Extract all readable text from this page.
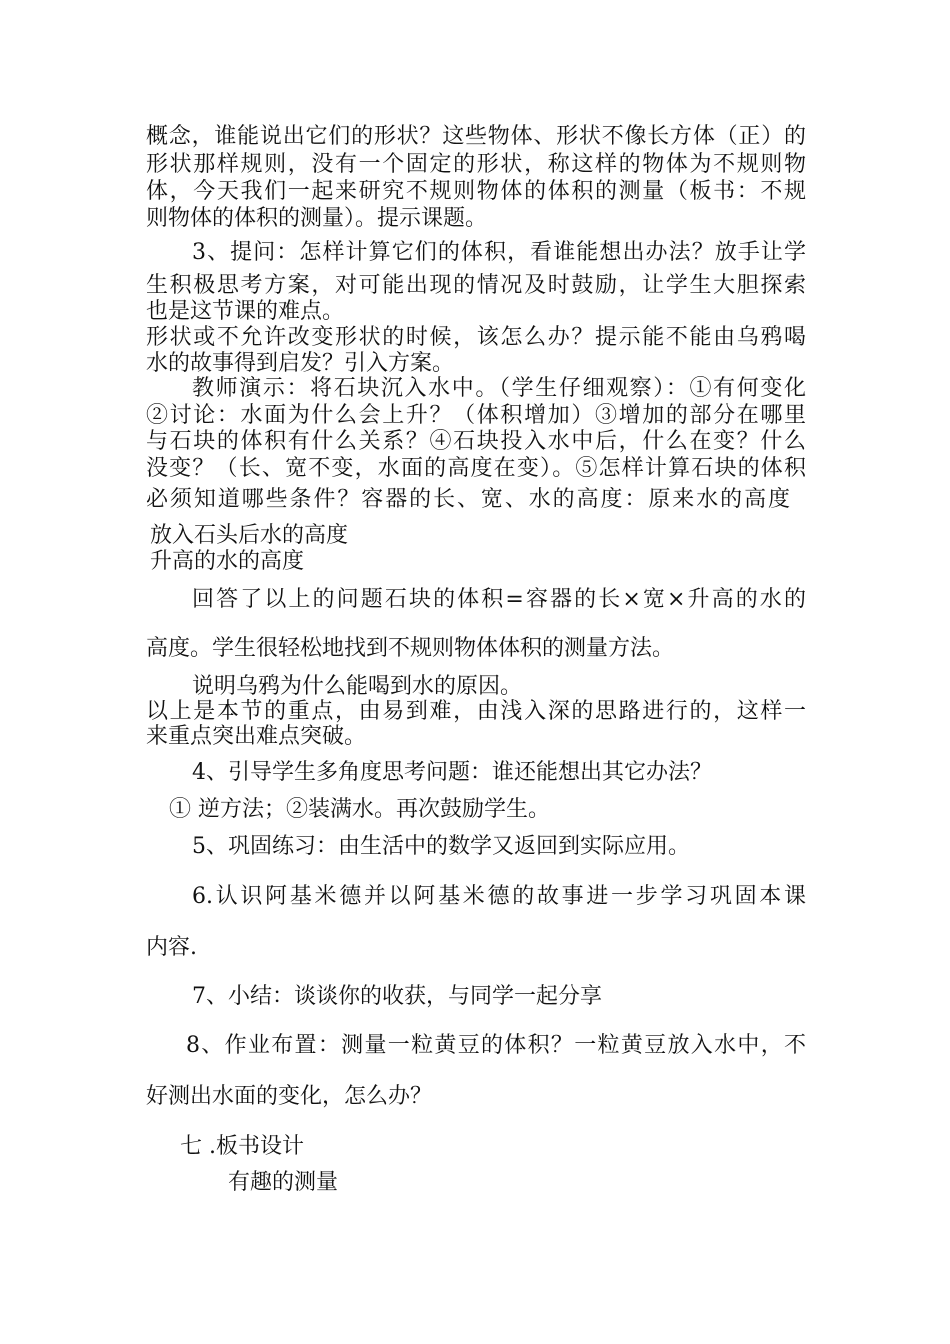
概念，谁能说出它们的形状？这些物体、形状不像长方体（正）的
形状那样规则，没有一个固定的形状，称这样的物体为不规则物
体，今天我们一起来研究不规则物体的体积的测量（板书：不规
则物体的体积的测量）。提示课题。
3、提问：怎样计算它们的体积，看谁能想出办法？放手让学
生积极思考方案，对可能出现的情况及时鼓励，让学生大胆探索
也是这节课的难点。
形状或不允许改变形状的时候，该怎么办？提示能不能由乌鸦喝
水的故事得到启发？引入方案。
教师演示：将石块沉入水中。（学生仔细观察）：①有何变化
②讨论：水面为什么会上升？（体积增加）③增加的部分在哪里
与石块的体积有什么关系？④石块投入水中后，什么在变？什么
没变？（长、宽不变，水面的高度在变）。⑤怎样计算石块的体积
必须知道哪些条件？容器的长、宽、水的高度：原来水的高度
放入石头后水的高度
升高的水的高度
回答了以上的问题石块的体积=容器的长×宽×升高的水的
高度。学生很轻松地找到不规则物体体积的测量方法。
说明乌鸦为什么能喝到水的原因。
以上是本节的重点，由易到难，由浅入深的思路进行的，这样一
来重点突出难点突破。
4、引导学生多角度思考问题：谁还能想出其它办法？
① 逆方法；②装满水。再次鼓励学生。
5、巩固练习：由生活中的数学又返回到实际应用。
6.认识阿基米德并以阿基米德的故事进一步学习巩固本课
内容.
7、小结：谈谈你的收获，与同学一起分享
8、作业布置：测量一粒黄豆的体积？一粒黄豆放入水中，不
好测出水面的变化，怎么办？
七 .板书设计
有趣的测量
